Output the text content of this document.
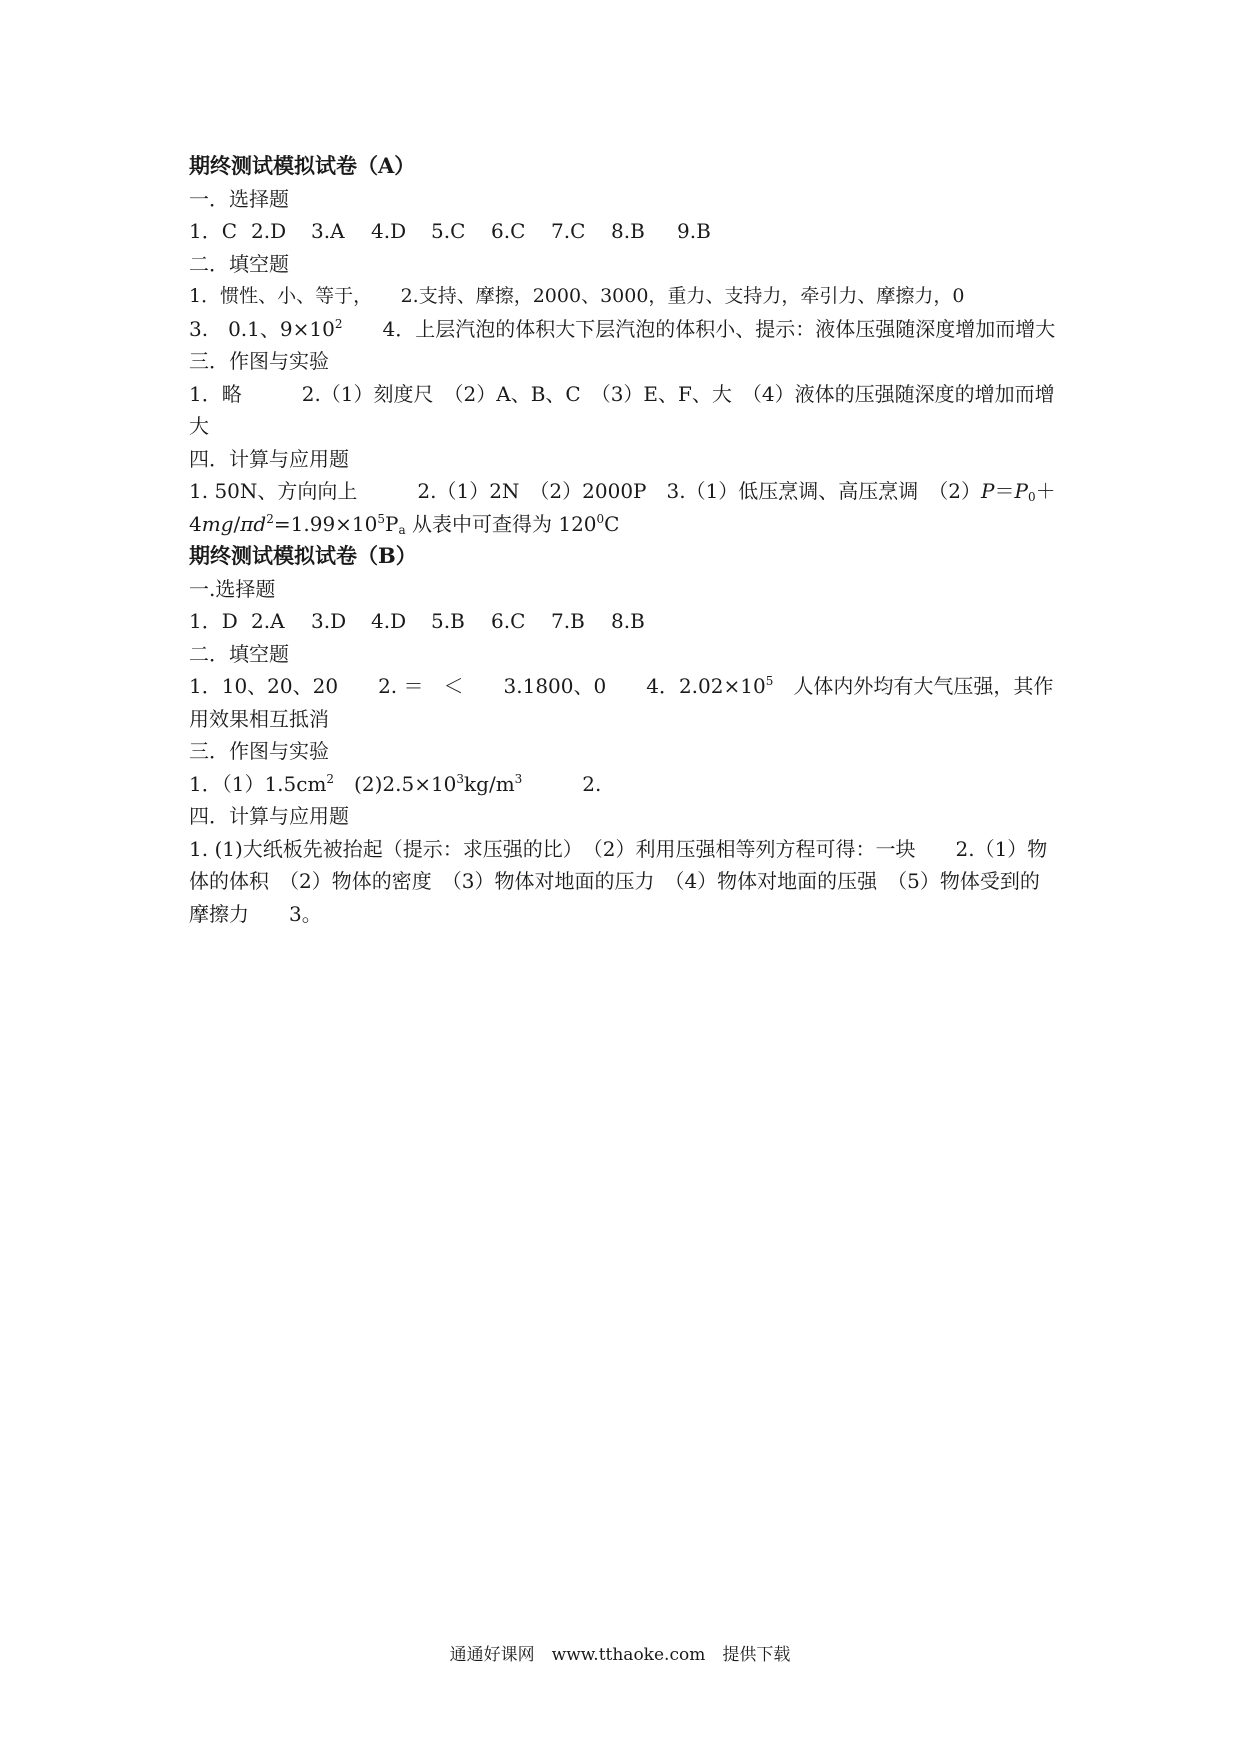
期终测试模拟试卷（A）
一．选择题
1．C 2.D 3.A 4.D 5.C 6.C 7.C 8.B 9.B
二．填空题
1．惯性、小、等于，　　2.支持、摩擦，2000、3000，重力、支持力，牵引力、摩擦力，0
3.　0.1、$9\times 10^2$　　4．上层汽泡的体积大下层汽泡的体积小、提示：液体压强随深度增加而增大
三．作图与实验
1．略　　　2.（1）刻度尺　（2）A、B、C　（3）E、F、大　（4）液体的压强随深度的增加而增大
四．计算与应用题
1. 50N、方向向上　　　2.（1）2N　（2）2000P　3.（1）低压烹调、高压烹调　$(2)P=P_0+4mg/\pi d^2=1.99\times 10^5P_a$ 从表中可查得为 $120^0C$
期终测试模拟试卷（B）
一.选择题
1．D 2.A 3.D 4.D 5.B 6.C 7.B 8.B
二．填空题
1．10、20、20　　2. ＝　＜　　3.1800、0　　4．$2.02\times 10^5$　人体内外均有大气压强，其作用效果相互抵消
三．作图与实验
1．$(1)1.5cm^2$　$(2)2.5\times 10^3kg/m^3$　　　2.
四．计算与应用题
1. (1)大纸板先被抬起（提示：求压强的比）　（2）利用压强相等列方程可得：一块　　2.（1）物体的体积　（2）物体的密度　（3）物体对地面的压力　（4）物体对地面的压强　（5）物体受到的摩擦力　　3。
通通好课网　www.tthaoke.com　提供下载
